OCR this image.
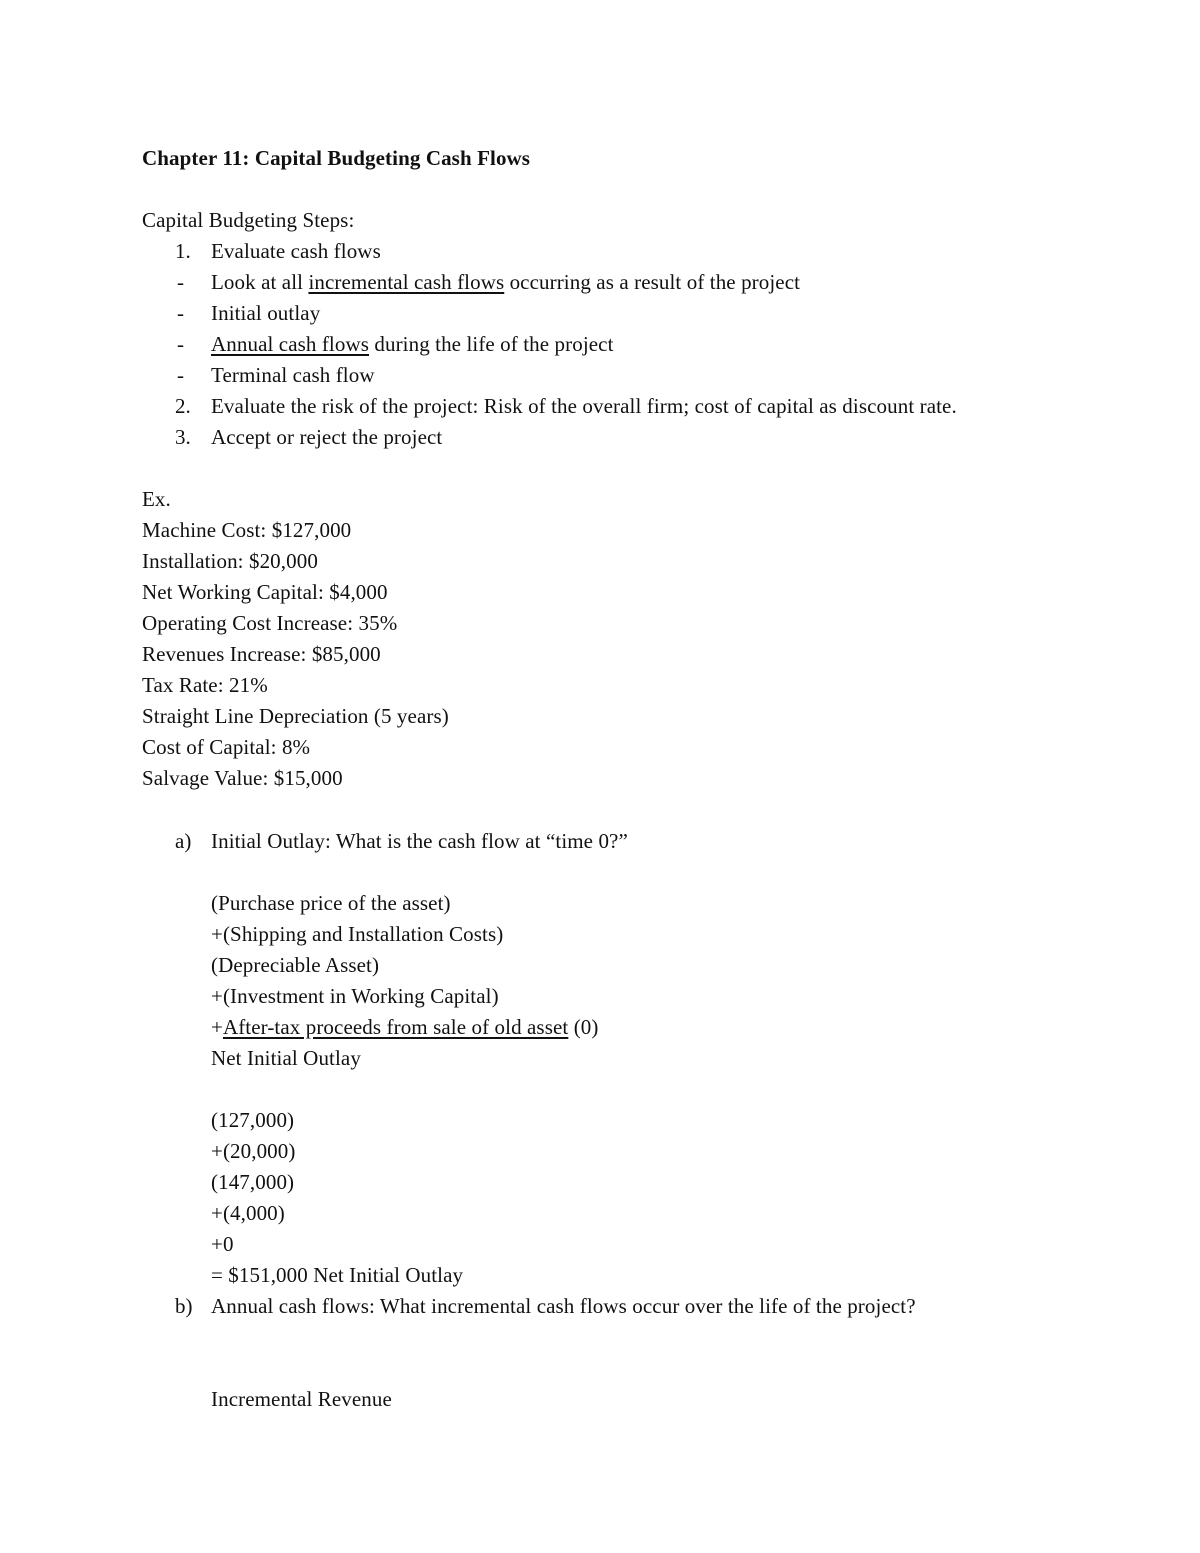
Chapter 11: Capital Budgeting Cash Flows
Capital Budgeting Steps:
1. Evaluate cash flows
- Look at all incremental cash flows occurring as a result of the project
- Initial outlay
- Annual cash flows during the life of the project
- Terminal cash flow
2. Evaluate the risk of the project: Risk of the overall firm; cost of capital as discount rate.
3. Accept or reject the project
Ex.
Machine Cost: $127,000
Installation: $20,000
Net Working Capital: $4,000
Operating Cost Increase: 35%
Revenues Increase: $85,000
Tax Rate: 21%
Straight Line Depreciation (5 years)
Cost of Capital: 8%
Salvage Value: $15,000
a) Initial Outlay: What is the cash flow at “time 0?”
(Purchase price of the asset)
+(Shipping and Installation Costs)
(Depreciable Asset)
+(Investment in Working Capital)
+After-tax proceeds from sale of old asset (0)
Net Initial Outlay
(127,000)
+(20,000)
(147,000)
+(4,000)
+0
= $151,000 Net Initial Outlay
b) Annual cash flows: What incremental cash flows occur over the life of the project?
Incremental Revenue
